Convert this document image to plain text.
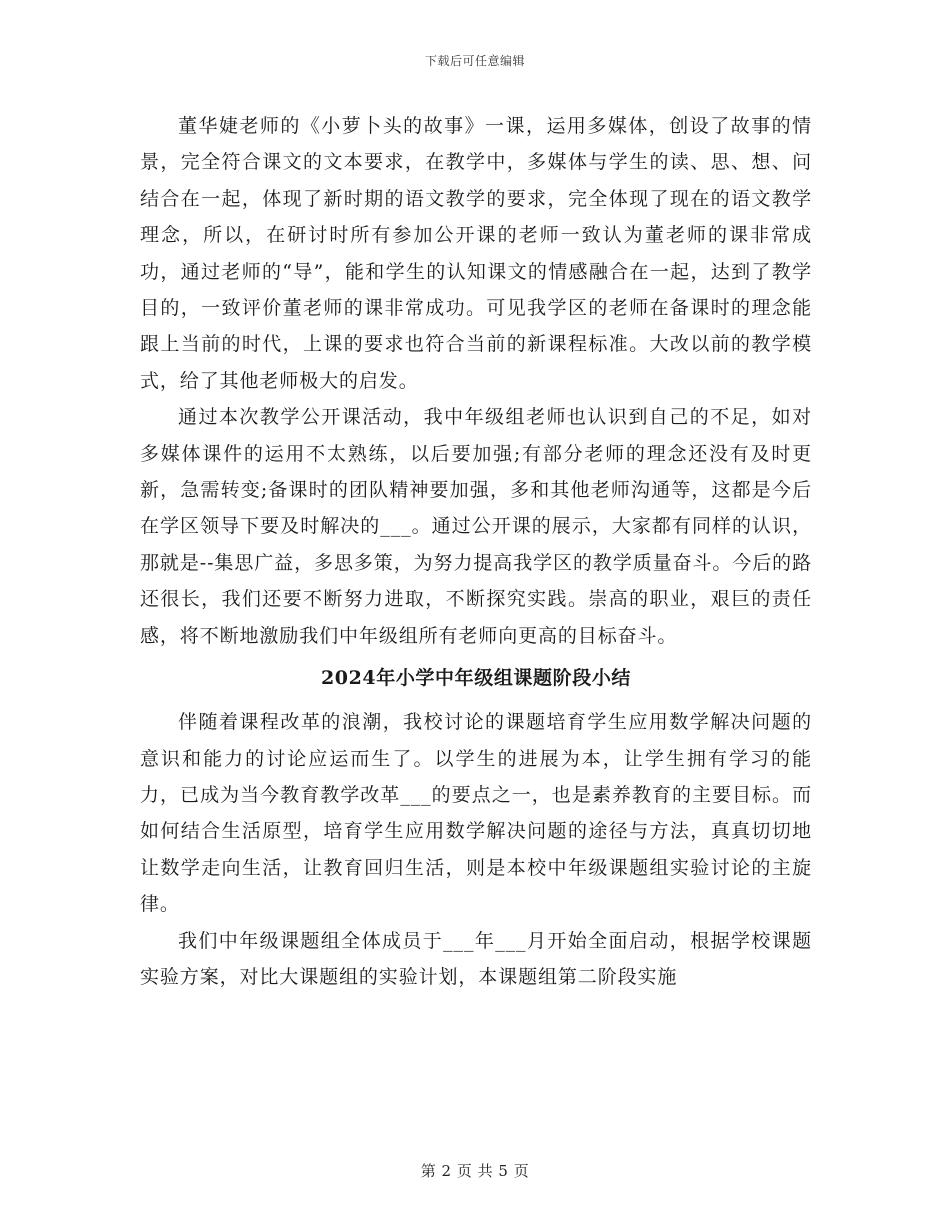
下载后可任意编辑

董华婕老师的《小萝卜头的故事》一课，运用多媒体，创设了故事的情景，完全符合课文的文本要求，在教学中，多媒体与学生的读、思、想、问结合在一起，体现了新时期的语文教学的要求，完全体现了现在的语文教学理念，所以，在研讨时所有参加公开课的老师一致认为董老师的课非常成功，通过老师的“导”，能和学生的认知课文的情感融合在一起，达到了教学目的，一致评价董老师的课非常成功。可见我学区的老师在备课时的理念能跟上当前的时代，上课的要求也符合当前的新课程标准。大改以前的教学模式，给了其他老师极大的启发。

通过本次教学公开课活动，我中年级组老师也认识到自己的不足，如对多媒体课件的运用不太熟练，以后要加强;有部分老师的理念还没有及时更新，急需转变;备课时的团队精神要加强，多和其他老师沟通等，这都是今后在学区领导下要及时解决的___。通过公开课的展示，大家都有同样的认识，那就是--集思广益，多思多策，为努力提高我学区的教学质量奋斗。今后的路还很长，我们还要不断努力进取，不断探究实践。崇高的职业，艰巨的责任感，将不断地激励我们中年级组所有老师向更高的目标奋斗。

2024年小学中年级组课题阶段小结

伴随着课程改革的浪潮，我校讨论的课题培育学生应用数学解决问题的意识和能力的讨论应运而生了。以学生的进展为本，让学生拥有学习的能力，已成为当今教育教学改革___的要点之一，也是素养教育的主要目标。而如何结合生活原型，培育学生应用数学解决问题的途径与方法，真真切切地让数学走向生活，让教育回归生活，则是本校中年级课题组实验讨论的主旋律。

我们中年级课题组全体成员于___年___月开始全面启动，根据学校课题实验方案，对比大课题组的实验计划，本课题组第二阶段实施

第 2 页 共 5 页
